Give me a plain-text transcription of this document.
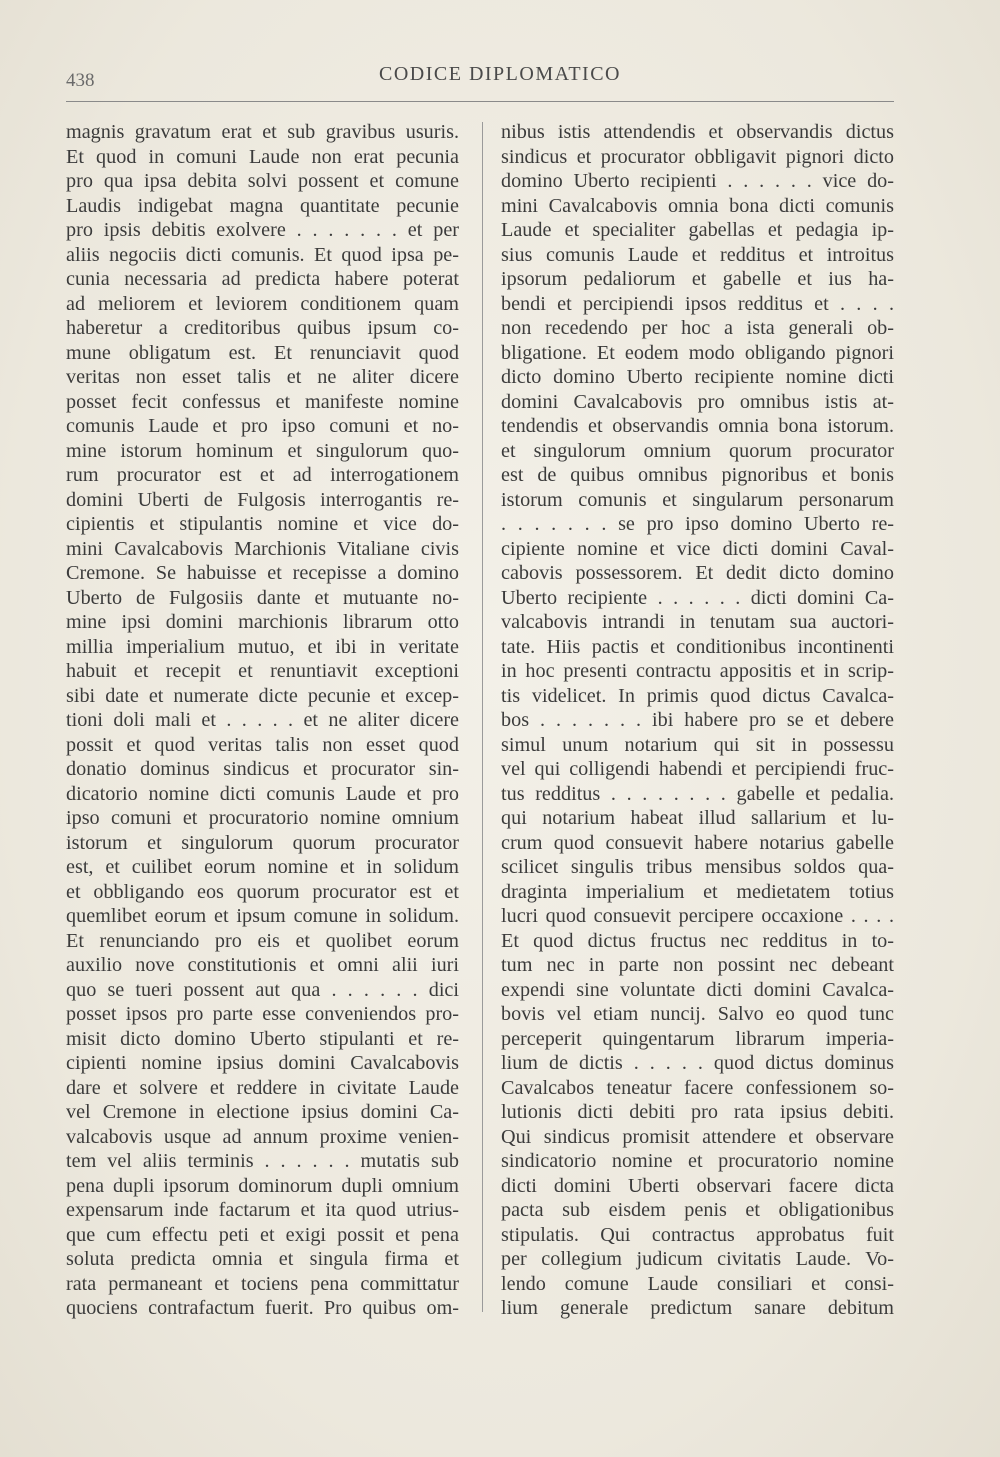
438	CODICE DIPLOMATICO
magnis gravatum erat et sub gravibus usuris.
Et quod in comuni Laude non erat pecunia
pro qua ipsa debita solvi possent et comune
Laudis indigebat magna quantitate pecunie
pro ipsis debitis exolvere . . . . . . . et per
aliis negociis dicti comunis. Et quod ipsa pe-
cunia necessaria ad predicta habere poterat
ad meliorem et leviorem conditionem quam
haberetur a creditoribus quibus ipsum co-
mune obligatum est. Et renunciavit quod
veritas non esset talis et ne aliter dicere
posset fecit confessus et manifeste nomine
comunis Laude et pro ipso comuni et no-
mine istorum hominum et singulorum quo-
rum procurator est et ad interrogationem
domini Uberti de Fulgosis interrogantis re-
cipientis et stipulantis nomine et vice do-
mini Cavalcabovis Marchionis Vitaliane civis
Cremone. Se habuisse et recepisse a domino
Uberto de Fulgosiis dante et mutuante no-
mine ipsi domini marchionis librarum otto
millia imperialium mutuo, et ibi in veritate
habuit et recepit et renuntiavit exceptioni
sibi date et numerate dicte pecunie et excep-
tioni doli mali et . . . . . et ne aliter dicere
possit et quod veritas talis non esset quod
donatio dominus sindicus et procurator sin-
dicatorio nomine dicti comunis Laude et pro
ipso comuni et procuratorio nomine omnium
istorum et singulorum quorum procurator
est, et cuilibet eorum nomine et in solidum
et obbligando eos quorum procurator est et
quemlibet eorum et ipsum comune in solidum.
Et renunciando pro eis et quolibet eorum
auxilio nove constitutionis et omni alii iuri
quo se tueri possent aut qua . . . . . . dici
posset ipsos pro parte esse conveniendos pro-
misit dicto domino Uberto stipulanti et re-
cipienti nomine ipsius domini Cavalcabovis
dare et solvere et reddere in civitate Laude
vel Cremone in electione ipsius domini Ca-
valcabovis usque ad annum proxime venien-
tem vel aliis terminis . . . . . . mutatis sub
pena dupli ipsorum dominorum dupli omnium
expensarum inde factarum et ita quod utrius-
que cum effectu peti et exigi possit et pena
soluta predicta omnia et singula firma et
rata permaneant et tociens pena committatur
quociens contrafactum fuerit. Pro quibus om-
nibus istis attendendis et observandis dictus
sindicus et procurator obbligavit pignori dicto
domino Uberto recipienti . . . . . . vice do-
mini Cavalcabovis omnia bona dicti comunis
Laude et specialiter gabellas et pedagia ip-
sius comunis Laude et redditus et introitus
ipsorum pedaliorum et gabelle et ius ha-
bendi et percipiendi ipsos redditus et . . . .
non recedendo per hoc a ista generali ob-
bligatione. Et eodem modo obligando pignori
dicto domino Uberto recipiente nomine dicti
domini Cavalcabovis pro omnibus istis at-
tendendis et observandis omnia bona istorum.
et singulorum omnium quorum procurator
est de quibus omnibus pignoribus et bonis
istorum comunis et singularum personarum
. . . . . . . se pro ipso domino Uberto re-
cipiente nomine et vice dicti domini Caval-
cabovis possessorem. Et dedit dicto domino
Uberto recipiente . . . . . . dicti domini Ca-
valcabovis intrandi in tenutam sua auctori-
tate. Hiis pactis et conditionibus incontinenti
in hoc presenti contractu appositis et in scrip-
tis videlicet. In primis quod dictus Cavalca-
bos . . . . . . . ibi habere pro se et debere
simul unum notarium qui sit in possessu
vel qui colligendi habendi et percipiendi fruc-
tus redditus . . . . . . . . gabelle et pedalia.
qui notarium habeat illud sallarium et lu-
crum quod consuevit habere notarius gabelle
scilicet singulis tribus mensibus soldos qua-
draginta imperialium et medietatem totius
lucri quod consuevit percipere occaxione . . . .
Et quod dictus fructus nec redditus in to-
tum nec in parte non possint nec debeant
expendi sine voluntate dicti domini Cavalca-
bovis vel etiam nuncij. Salvo eo quod tunc
perceperit quingentarum librarum imperia-
lium de dictis . . . . . quod dictus dominus
Cavalcabos teneatur facere confessionem so-
lutionis dicti debiti pro rata ipsius debiti.
Qui sindicus promisit attendere et observare
sindicatorio nomine et procuratorio nomine
dicti domini Uberti observari facere dicta
pacta sub eisdem penis et obligationibus
stipulatis. Qui contractus approbatus fuit
per collegium judicum civitatis Laude. Vo-
lendo comune Laude consiliari et consi-
lium generale predictum sanare debitum
